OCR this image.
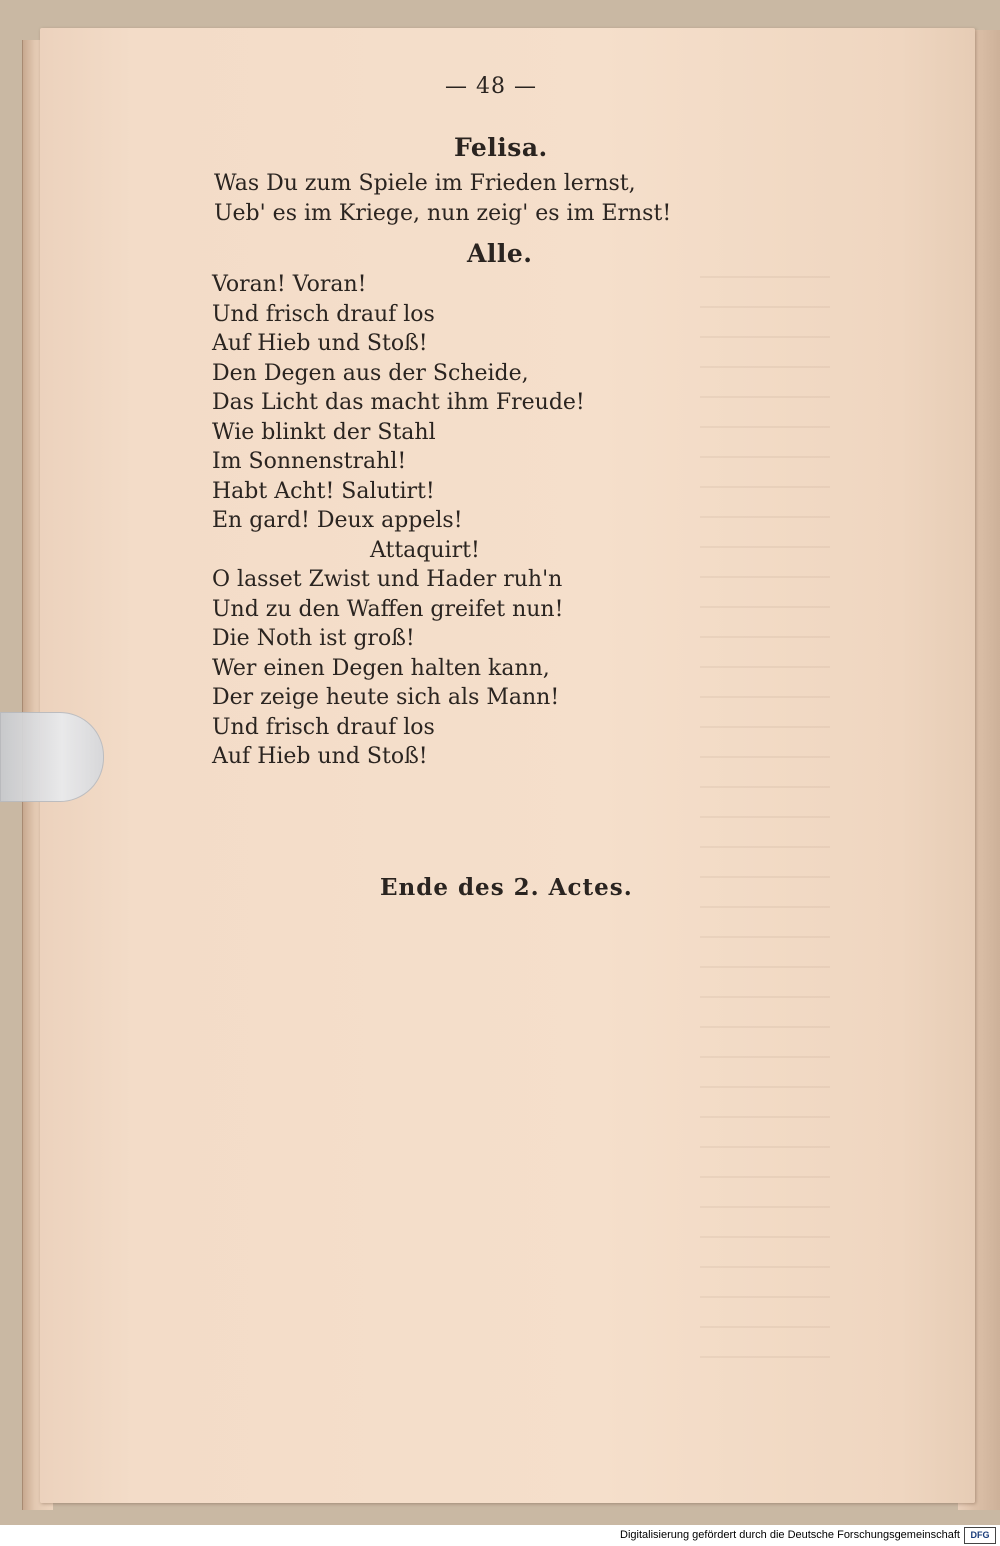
— 48 —
Felisa.
Was Du zum Spiele im Frieden lernst,
Ueb' es im Kriege, nun zeig' es im Ernst!
Alle.
Voran! Voran!
Und frisch drauf los
Auf Hieb und Stoß!
Den Degen aus der Scheide,
Das Licht das macht ihm Freude!
Wie blinkt der Stahl
Im Sonnenstrahl!
Habt Acht! Salutirt!
En gard! Deux appels!
Attaquirt!
O lasset Zwist und Hader ruh'n
Und zu den Waffen greifet nun!
Die Noth ist groß!
Wer einen Degen halten kann,
Der zeige heute sich als Mann!
Und frisch drauf los
Auf Hieb und Stoß!
Ende des 2. Actes.
Digitalisierung gefördert durch die Deutsche Forschungsgemeinschaft	DFG
